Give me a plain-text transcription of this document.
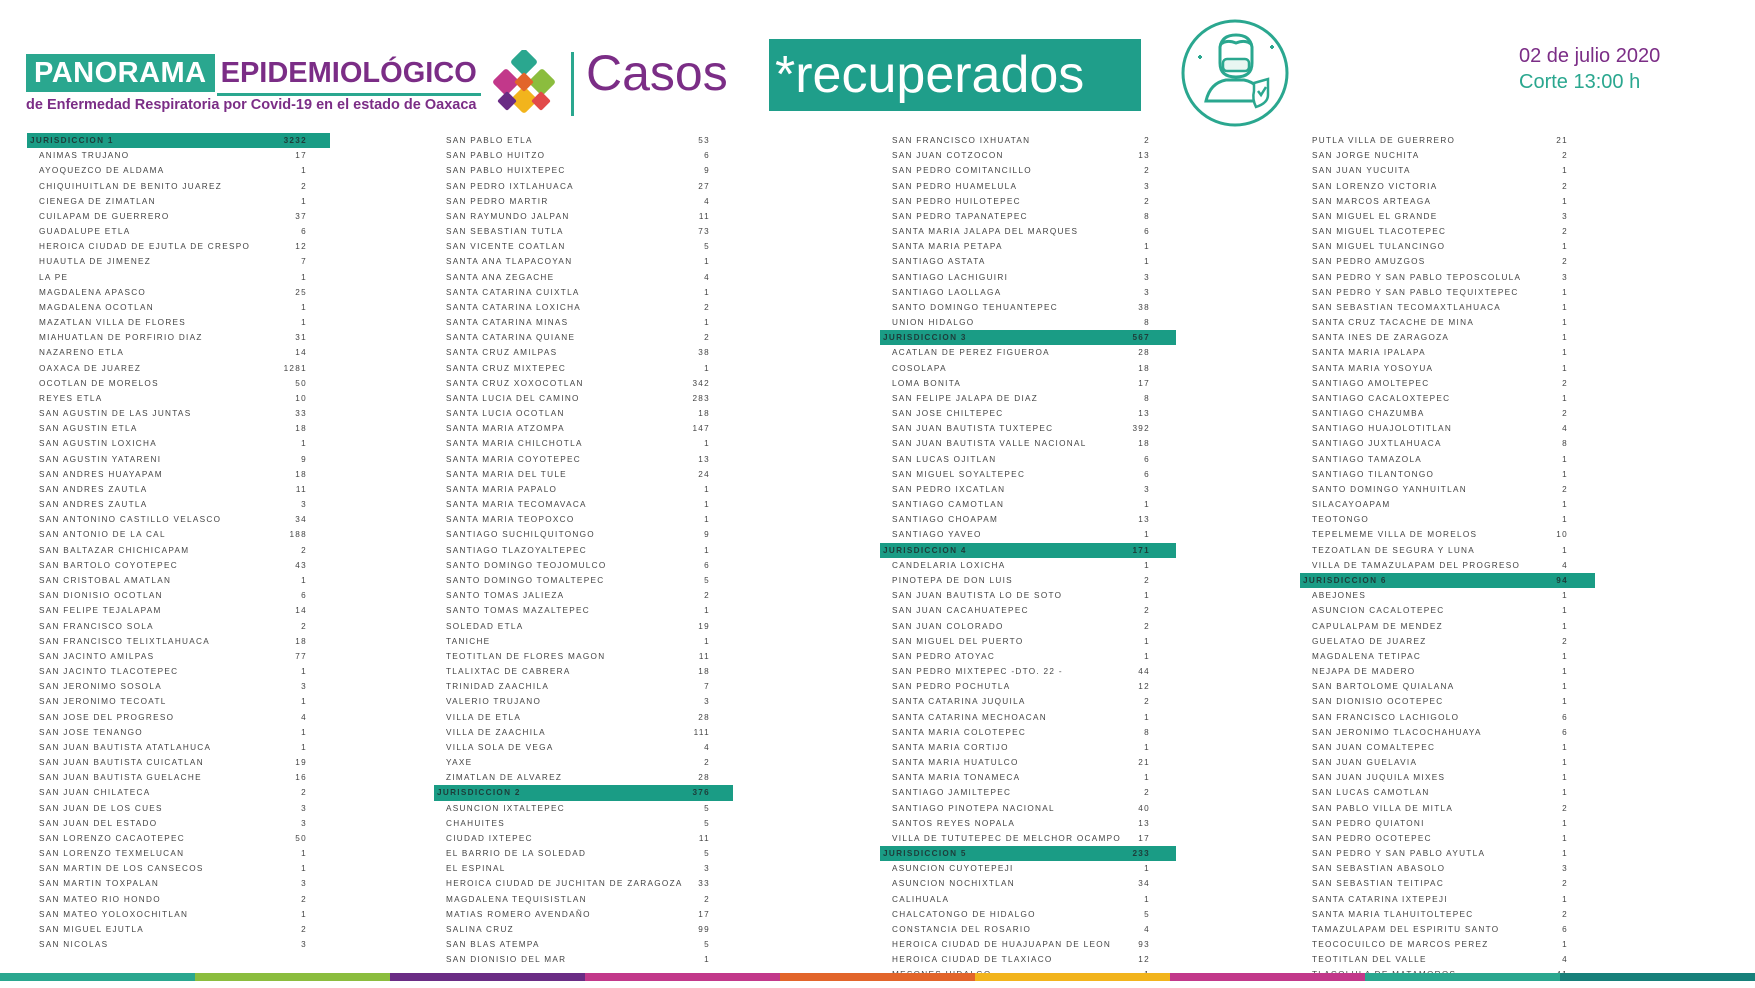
PANORAMA EPIDEMIOLÓGICO
de Enfermedad Respiratoria por Covid-19 en el estado de Oaxaca
Casos *recuperados	02 de julio 2020
Corte 13:00 h
JURISDICCION 1	3232
ANIMAS TRUJANO	17
AYOQUEZCO DE ALDAMA	1
CHIQUIHUITLAN DE BENITO JUAREZ	2
CIENEGA DE ZIMATLAN	1
CUILAPAM DE GUERRERO	37
GUADALUPE ETLA	6
HEROICA CIUDAD DE EJUTLA DE CRESPO	12
HUAUTLA DE JIMENEZ	7
LA PE	1
MAGDALENA APASCO	25
MAGDALENA OCOTLAN	1
MAZATLAN VILLA DE FLORES	1
MIAHUATLAN DE PORFIRIO DIAZ	31
NAZARENO ETLA	14
OAXACA DE JUAREZ	1281
OCOTLAN DE MORELOS	50
REYES ETLA	10
SAN AGUSTIN DE LAS JUNTAS	33
SAN AGUSTIN ETLA	18
SAN AGUSTIN LOXICHA	1
SAN AGUSTIN YATARENI	9
SAN ANDRES HUAYAPAM	18
SAN ANDRES ZAUTLA	11
SAN ANDRES ZAUTLA	3
SAN ANTONINO CASTILLO VELASCO	34
SAN ANTONIO DE LA CAL	188
SAN BALTAZAR CHICHICAPAM	2
SAN BARTOLO COYOTEPEC	43
SAN CRISTOBAL AMATLAN	1
SAN DIONISIO OCOTLAN	6
SAN FELIPE TEJALAPAM	14
SAN FRANCISCO SOLA	2
SAN FRANCISCO TELIXTLAHUACA	18
SAN JACINTO AMILPAS	77
SAN JACINTO TLACOTEPEC	1
SAN JERONIMO SOSOLA	3
SAN JERONIMO TECOATL	1
SAN JOSE DEL PROGRESO	4
SAN JOSE TENANGO	1
SAN JUAN BAUTISTA ATATLAHUCA	1
SAN JUAN BAUTISTA CUICATLAN	19
SAN JUAN BAUTISTA GUELACHE	16
SAN JUAN CHILATECA	2
SAN JUAN DE LOS CUES	3
SAN JUAN DEL ESTADO	3
SAN LORENZO CACAOTEPEC	50
SAN LORENZO TEXMELUCAN	1
SAN MARTIN DE LOS CANSECOS	1
SAN MARTIN TOXPALAN	3
SAN MATEO RIO HONDO	2
SAN MATEO YOLOXOCHITLAN	1
SAN MIGUEL EJUTLA	2
SAN NICOLAS	3
SAN PABLO ETLA	53
SAN PABLO HUITZO	6
SAN PABLO HUIXTEPEC	9
SAN PEDRO IXTLAHUACA	27
SAN PEDRO MARTIR	4
SAN RAYMUNDO JALPAN	11
SAN SEBASTIAN TUTLA	73
SAN VICENTE COATLAN	5
SANTA ANA TLAPACOYAN	1
SANTA ANA ZEGACHE	4
SANTA CATARINA CUIXTLA	1
SANTA CATARINA LOXICHA	2
SANTA CATARINA MINAS	1
SANTA CATARINA QUIANE	2
SANTA CRUZ AMILPAS	38
SANTA CRUZ MIXTEPEC	1
SANTA CRUZ XOXOCOTLAN	342
SANTA LUCIA DEL CAMINO	283
SANTA LUCIA OCOTLAN	18
SANTA MARIA ATZOMPA	147
SANTA MARIA CHILCHOTLA	1
SANTA MARIA COYOTEPEC	13
SANTA MARIA DEL TULE	24
SANTA MARIA PAPALO	1
SANTA MARIA TECOMAVACA	1
SANTA MARIA TEOPOXCO	1
SANTIAGO SUCHILQUITONGO	9
SANTIAGO TLAZOYALTEPEC	1
SANTO DOMINGO TEOJOMULCO	6
SANTO DOMINGO TOMALTEPEC	5
SANTO TOMAS JALIEZA	2
SANTO TOMAS MAZALTEPEC	1
SOLEDAD ETLA	19
TANICHE	1
TEOTITLAN DE FLORES MAGON	11
TLALIXTAC DE CABRERA	18
TRINIDAD ZAACHILA	7
VALERIO TRUJANO	3
VILLA DE ETLA	28
VILLA DE ZAACHILA	111
VILLA SOLA DE VEGA	4
YAXE	2
ZIMATLAN DE ALVAREZ	28
JURISDICCION 2	376
ASUNCION IXTALTEPEC	5
CHAHUITES	5
CIUDAD IXTEPEC	11
EL BARRIO DE LA SOLEDAD	5
EL ESPINAL	3
HEROICA CIUDAD DE JUCHITAN DE ZARAGOZA 33
MAGDALENA TEQUISISTLAN	2
MATIAS ROMERO AVENDAÑO	17
SALINA CRUZ	99
SAN BLAS ATEMPA	5
SAN DIONISIO DEL MAR	1
SAN FRANCISCO IXHUATAN	2
SAN JUAN COTZOCON	13
SAN PEDRO COMITANCILLO	2
SAN PEDRO HUAMELULA	3
SAN PEDRO HUILOTEPEC	2
SAN PEDRO TAPANATEPEC	8
SANTA MARIA JALAPA DEL MARQUES	6
SANTA MARIA PETAPA	1
SANTIAGO ASTATA	1
SANTIAGO LACHIGUIRI	3
SANTIAGO LAOLLAGA	3
SANTO DOMINGO TEHUANTEPEC	38
UNION HIDALGO	8
JURISDICCION 3	567
ACATLAN DE PEREZ FIGUEROA	28
COSOLAPA	18
LOMA BONITA	17
SAN FELIPE JALAPA DE DIAZ	8
SAN JOSE CHILTEPEC	13
SAN JUAN BAUTISTA TUXTEPEC	392
SAN JUAN BAUTISTA VALLE NACIONAL	18
SAN LUCAS OJITLAN	6
SAN MIGUEL SOYALTEPEC	6
SAN PEDRO IXCATLAN	3
SANTIAGO CAMOTLAN	1
SANTIAGO CHOAPAM	13
SANTIAGO YAVEO	1
JURISDICCION 4	171
CANDELARIA LOXICHA	1
PINOTEPA DE DON LUIS	2
SAN JUAN BAUTISTA LO DE SOTO	1
SAN JUAN CACAHUATEPEC	2
SAN JUAN COLORADO	2
SAN MIGUEL DEL PUERTO	1
SAN PEDRO ATOYAC	1
SAN PEDRO MIXTEPEC -DTO. 22 -	44
SAN PEDRO POCHUTLA	12
SANTA CATARINA JUQUILA	2
SANTA CATARINA MECHOACAN	1
SANTA MARIA COLOTEPEC	8
SANTA MARIA CORTIJO	1
SANTA MARIA HUATULCO	21
SANTA MARIA TONAMECA	1
SANTIAGO JAMILTEPEC	2
SANTIAGO PINOTEPA NACIONAL	40
SANTOS REYES NOPALA	13
VILLA DE TUTUTEPEC DE MELCHOR OCAMPO 17
JURISDICCION 5	233
ASUNCION CUYOTEPEJI	1
ASUNCION NOCHIXTLAN	34
CALIHUALA	1
CHALCATONGO DE HIDALGO	5
CONSTANCIA DEL ROSARIO	4
HEROICA CIUDAD DE HUAJUAPAN DE LEON	93
HEROICA CIUDAD DE TLAXIACO	12
PUTLA VILLA DE GUERRERO	21
SAN JORGE NUCHITA	2
SAN JUAN YUCUITA	1
SAN LORENZO VICTORIA	2
SAN MARCOS ARTEAGA	1
SAN MIGUEL EL GRANDE	3
SAN MIGUEL TLACOTEPEC	2
SAN MIGUEL TULANCINGO	1
SAN PEDRO AMUZGOS	2
SAN PEDRO Y SAN PABLO TEPOSCOLULA	3
SAN PEDRO Y SAN PABLO TEQUIXTEPEC	1
SAN SEBASTIAN TECOMAXTLAHUACA	1
SANTA CRUZ TACACHE DE MINA	1
SANTA INES DE ZARAGOZA	1
SANTA MARIA IPALAPA	1
SANTA MARIA YOSOYUA	1
SANTIAGO AMOLTEPEC	2
SANTIAGO CACALOXTEPEC	1
SANTIAGO CHAZUMBA	2
SANTIAGO HUAJOLOTITLAN	4
SANTIAGO JUXTLAHUACA	8
SANTIAGO TAMAZOLA	1
SANTIAGO TILANTONGO	1
SANTO DOMINGO YANHUITLAN	2
SILACAYOAPAM	1
TEOTONGO	1
TEPELMEME VILLA DE MORELOS	10
TEZOATLAN DE SEGURA Y LUNA	1
VILLA DE TAMAZULAPAM DEL PROGRESO	4
JURISDICCION 6	94
ABEJONES	1
ASUNCION CACALOTEPEC	1
CAPULALPAM DE MENDEZ	1
GUELATAO DE JUAREZ	2
MAGDALENA TETIPAC	1
NEJAPA DE MADERO	1
SAN BARTOLOME QUIALANA	1
SAN DIONISIO OCOTEPEC	1
SAN FRANCISCO LACHIGOLO	6
SAN JERONIMO TLACOCHAHUAYA	6
SAN JUAN COMALTEPEC	1
SAN JUAN GUELAVIA	1
SAN JUAN JUQUILA MIXES	1
SAN LUCAS CAMOTLAN	1
SAN PABLO VILLA DE MITLA	2
SAN PEDRO QUIATONI	1
SAN PEDRO OCOTEPEC	1
SAN PEDRO Y SAN PABLO AYUTLA	1
SAN SEBASTIAN ABASOLO	3
SAN SEBASTIAN TEITIPAC	2
SANTA CATARINA IXTEPEJI	1
SANTA MARIA TLAHUITOLTEPEC	2
TAMAZULAPAM DEL ESPIRITU SANTO	6
TEOCOCUILCO DE MARCOS PEREZ	1
TEOTITLAN DEL VALLE	4
